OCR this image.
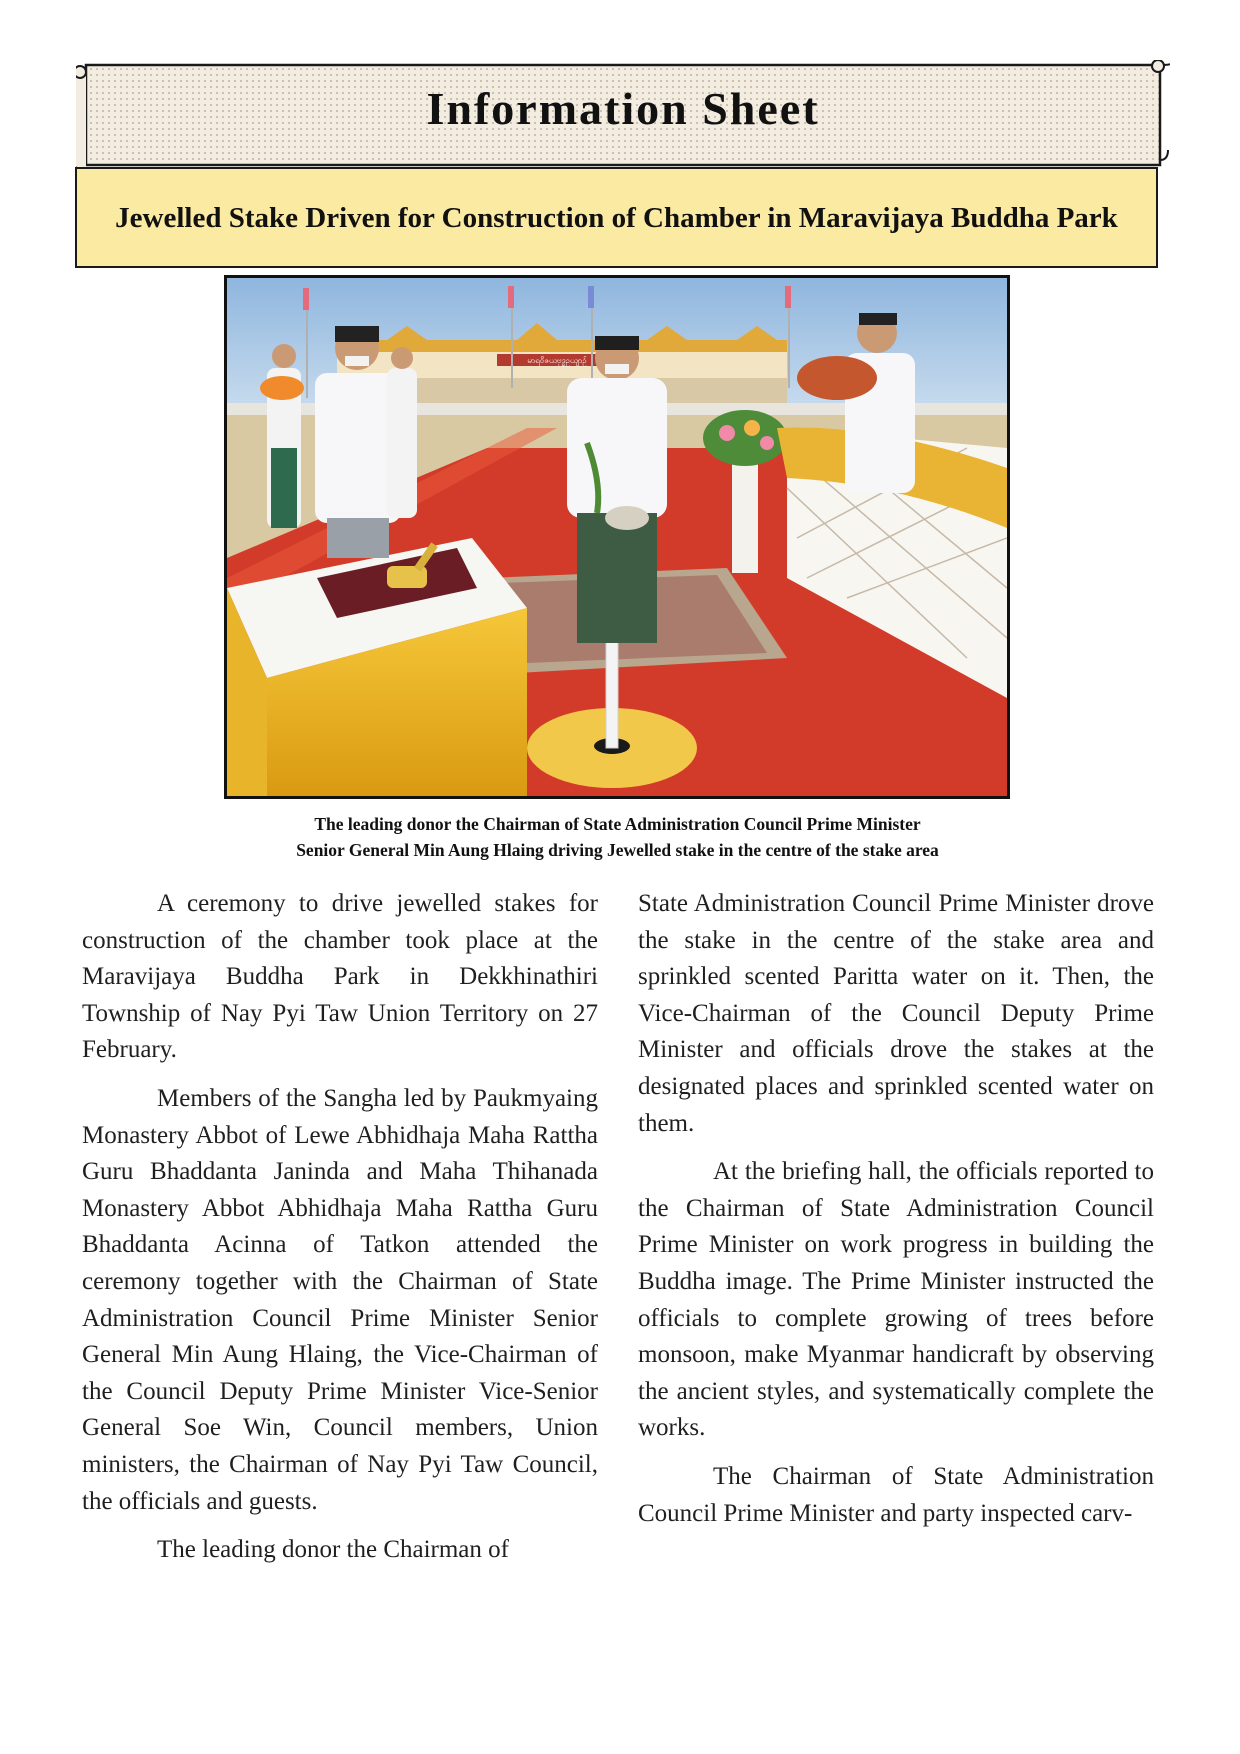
Information Sheet
Jewelled Stake Driven for Construction of Chamber in Maravijaya Buddha Park
မာရဝိဇယဗုဒ္ဓဥယျာဉ်
The leading donor the Chairman of State Administration Council Prime Minister
Senior General Min Aung Hlaing driving Jewelled stake in the centre of the stake area

A ceremony to drive jewelled stakes for construction of the chamber took place at the Maravijaya Buddha Park in Dekkhinathiri Township of Nay Pyi Taw Union Territory on 27 February.

Members of the Sangha led by Paukmyaing Monastery Abbot of Lewe Abhidhaja Maha Rattha Guru Bhaddanta Janinda and Maha Thihanada Monastery Abbot Abhidhaja Maha Rattha Guru Bhaddanta Acinna of Tatkon attended the ceremony together with the Chairman of State Administration Council Prime Minister Senior General Min Aung Hlaing, the Vice-Chairman of the Council Deputy Prime Minister Vice-Senior General Soe Win, Council members, Union ministers, the Chairman of Nay Pyi Taw Council, the officials and guests.

The leading donor the Chairman of

State Administration Council Prime Minister drove the stake in the centre of the stake area and sprinkled scented Paritta water on it. Then, the Vice-Chairman of the Council Deputy Prime Minister and officials drove the stakes at the designated places and sprinkled scented water on them.

At the briefing hall, the officials reported to the Chairman of State Administration Council Prime Minister on work progress in building the Buddha image. The Prime Minister instructed the officials to complete growing of trees before monsoon, make Myanmar handicraft by observing the ancient styles, and systematically complete the works.

The Chairman of State Administration Council Prime Minister and party inspected carv-
